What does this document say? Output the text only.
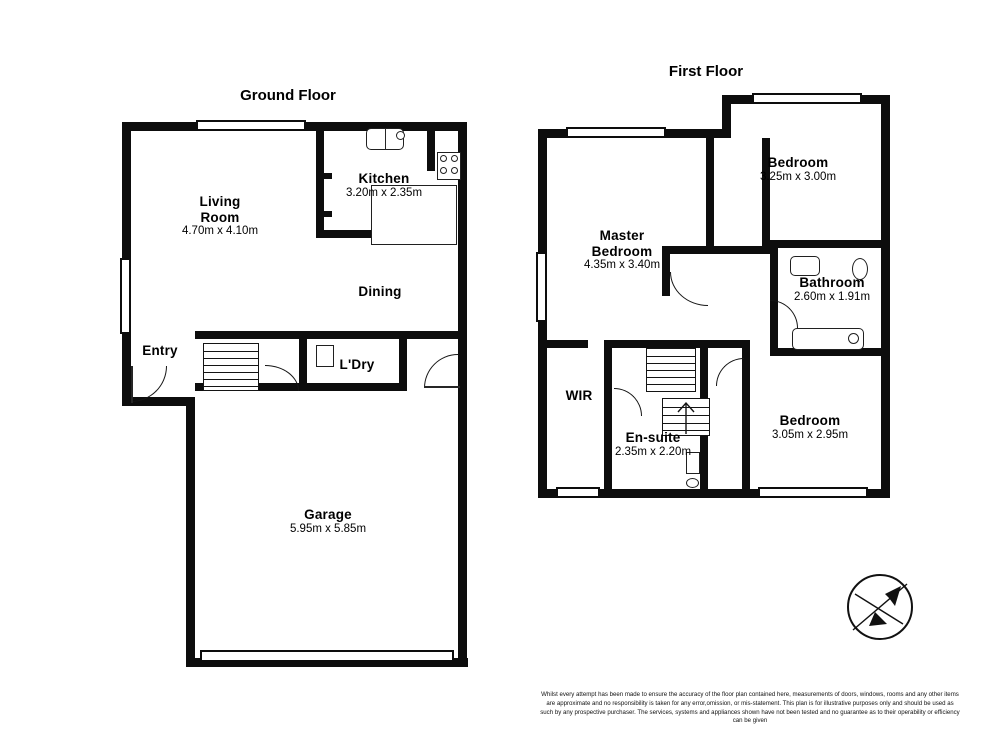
Ground Floor
Living
Room
4.70m x 4.10m
Kitchen
3.20m x 2.35m
Dining
Entry
L'Dry
Garage
5.95m x 5.85m
First Floor
Bedroom
3.25m x 3.00m
Master
Bedroom
4.35m x 3.40m
Bathroom
2.60m x 1.91m
Bedroom
3.05m x 2.95m
WIR
En-suite
2.35m x 2.20m
Whilst every attempt has been made to ensure the accuracy of the floor plan contained here, measurements of doors, windows, rooms and any other items are approximate and no responsibility is taken for any error,omission, or mis-statement. This plan is for illustrative purposes only and should be used as such by any prospective purchaser. The services, systems and appliances shown have not been tested and no guarantee as to their operability or efficiency can be given
